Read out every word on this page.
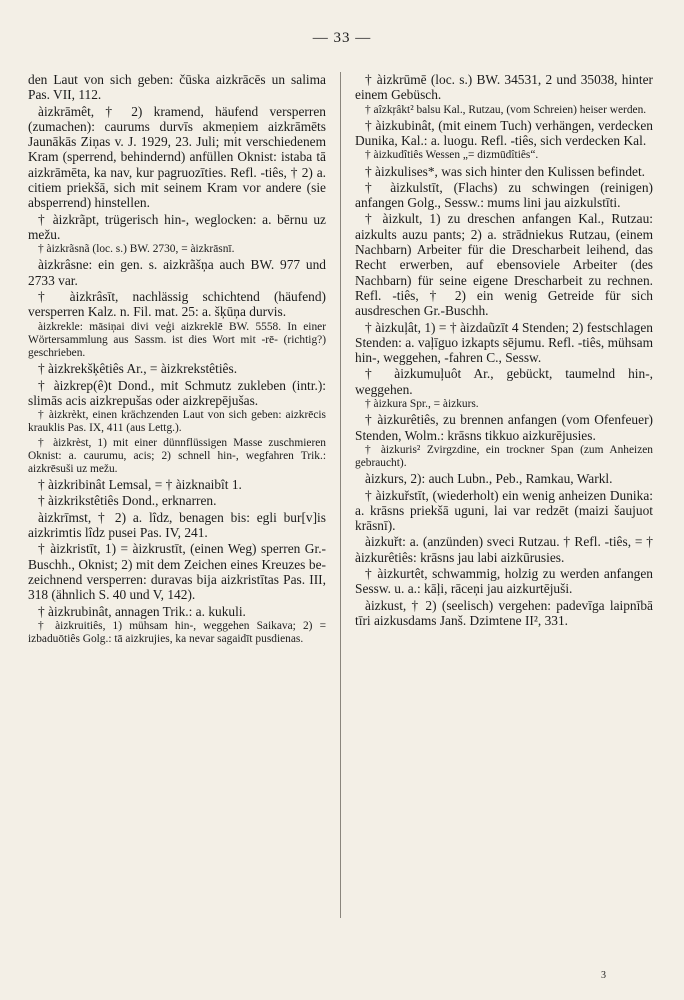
— 33 —

den Laut von sich geben: čūska aizkrācēs un salima Pas. VII, 112.

àizkrāmêt, † 2) kramend, häufend versperren (zumachen): caurums durvīs akmeņiem aizkrāmēts Jaunākās Ziņas v. J. 1929, 23. Juli; mit verschiedenem Kram (sperrend, behindernd) anfüllen Oknist: istaba tā aizkrāmēta, ka nav, kur pagruozīties. Refl. -tiês, † 2) a. citiem priekšā, sich mit seinem Kram vor andere (sie absperrend) hinstellen.

† àizkrãpt, trügerisch hin-, weglocken: a. bērnu uz mežu.

† àizkrãsnã (loc. s.) BW. 2730, = àizkrāsnī.

àizkrâsne: ein gen. s. aizkrãšņa auch BW. 977 und 2733 var.

† àizkrâsīt, nachlässig schichtend (häufend) versperren Kalz. n. Fil. mat. 25: a. šķūņa durvis.

àizkrekle: māsiņai divi veģi aizkreklē BW. 5558. In einer Wörtersammlung aus Sassm. ist dies Wort mit -rē- (richtig?) geschrieben.

† àizkrekšķêtiês Ar., = àizkrekstêtiês.

† àizkrep(ê)t Dond., mit Schmutz zukleben (intr.): slimās acis aizkrepušas oder aizkrepējušas.

† àizkrèkt, einen krächzenden Laut von sich geben: aizkrēcis krauklis Pas. IX, 411 (aus Lettg.).

† àizkrèst, 1) mit einer dünnflüssigen Masse zuschmieren Oknist: a. caurumu, acis; 2) schnell hin-, wegfahren Trik.: aizkrēsuši uz mežu.

† àizkribinât Lemsal, = † àizknaibît 1.

† àizkrikstêtiês Dond., erknarren.

àizkrīmst, † 2) a. lîdz, benagen bis: egli bur[v]is aizkrimtis lîdz pusei Pas. IV, 241.

† àizkristīt, 1) = àizkrustīt, (einen Weg) sperren Gr.-Buschh., Oknist; 2) mit dem Zeichen eines Kreuzes bezeichnend versperren: duravas bija aizkristītas Pas. III, 318 (ähnlich S. 40 und V, 142).

† àizkrubinât, annagen Trik.: a. kukuli.

† àizkruitiês, 1) mühsam hin-, weggehen Saikava; 2) = izbaduōtiês Golg.: tā aizkrujies, ka nevar sagaidīt pusdienas.

† àizkrūmē (loc. s.) BW. 34531, 2 und 35038, hinter einem Gebüsch.

† aîzkŗâkt² balsu Kal., Rutzau, (vom Schreien) heiser werden.

† àizkubinât, (mit einem Tuch) verhängen, verdecken Dunika, Kal.: a. luogu. Refl. -tiês, sich verdecken Kal.

† àizkudîtiês Wessen „= dizmūdîtiês“.

† àizkulises*, was sich hinter den Kulissen befindet.

† àizkulstīt, (Flachs) zu schwingen (reinigen) anfangen Golg., Sessw.: mums lini jau aizkulstīti.

† àizkult, 1) zu dreschen anfangen Kal., Rutzau: aizkults auzu pants; 2) a. strādniekus Rutzau, (einem Nachbarn) Arbeiter für die Drescharbeit leihend, das Recht erwerben, auf ebensoviele Arbeiter (des Nachbarn) für seine eigene Drescharbeit zu rechnen. Refl. -tiês, † 2) ein wenig Getreide für sich ausdreschen Gr.-Buschh.

† àizkuļât, 1) = † àizdaũzīt 4 Stenden; 2) festschlagen Stenden: a. vaļīguo izkapts sējumu. Refl. -tiês, mühsam hin-, weggehen, -fahren C., Sessw.

† àizkumuļuôt Ar., gebückt, taumelnd hin-, weggehen.

† àizkura Spr., = àizkurs.

† àizkurêtiês, zu brennen anfangen (vom Ofenfeuer) Stenden, Wolm.: krāsns tikkuo aizkurējusies.

† àizkuris² Zvirgzdine, ein trockner Span (zum Anheizen gebraucht).

àizkurs, 2): auch Lubn., Peb., Ramkau, Warkl.

† àizkuřstīt, (wiederholt) ein wenig anheizen Dunika: a. krāsns priekšā uguni, lai var redzēt (maizi šaujuot krāsnī).

àizkuřt: a. (anzünden) sveci Rutzau. † Refl. -tiês, = † àizkurêtiês: krāsns jau labi aizkūrusies.

† àizkurtêt, schwammig, holzig zu werden anfangen Sessw. u. a.: kāļi, rāceņi jau aizkurtējuši.

àizkust, † 2) (seelisch) vergehen: padevīga laipnībā tīri aizkusdams Janš. Dzimtene II², 331.

3
